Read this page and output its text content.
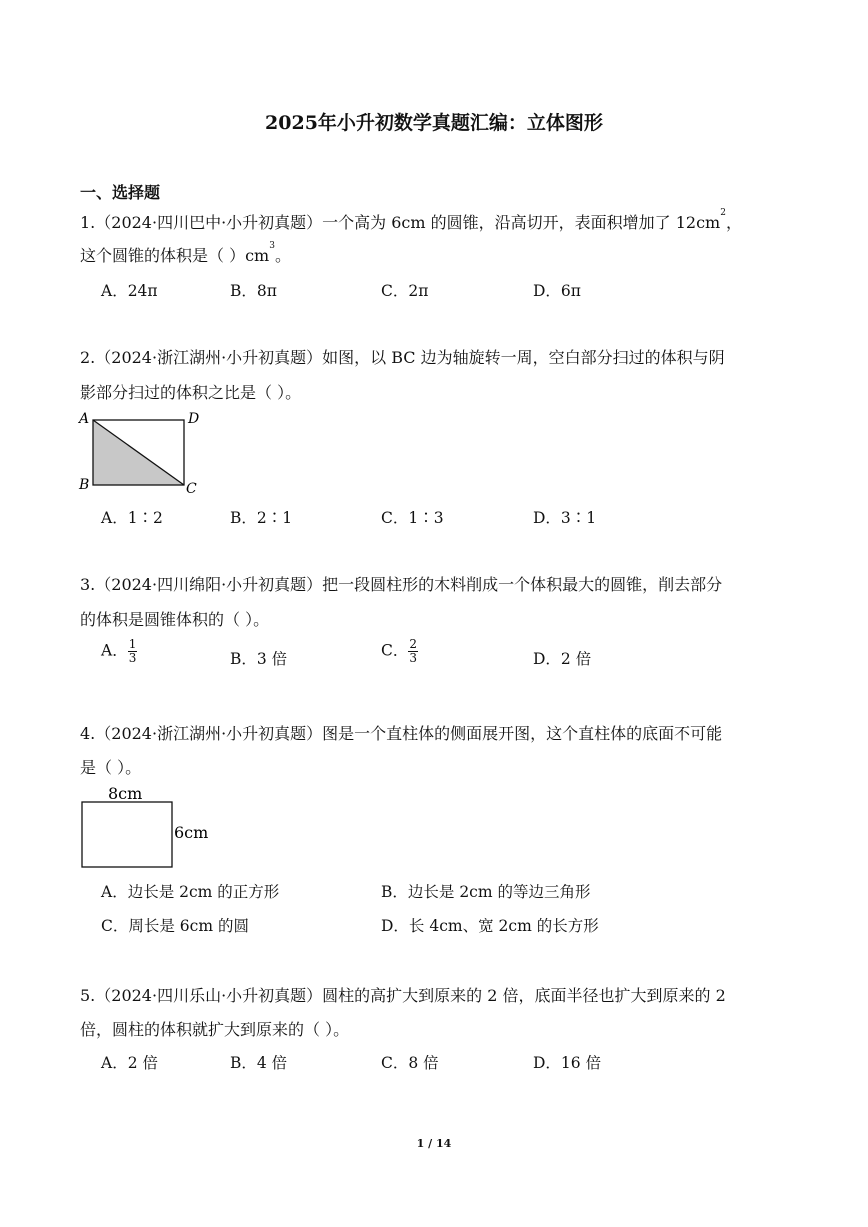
2025年小升初数学真题汇编：立体图形
一、选择题
1.（2024·四川巴中·小升初真题）一个高为 6cm 的圆锥，沿高切开，表面积增加了 $12cm^2$，
这个圆锥的体积是（ ）$cm^3$。
A．24π	B．8π	C．2π	D．6π
2.（2024·浙江湖州·小升初真题）如图，以 BC 边为轴旋转一周，空白部分扫过的体积与阴
影部分扫过的体积之比是（ ）。
A	D
B	C
A．1∶2	B．2∶1	C．1∶3	D．3∶1
3.（2024·四川绵阳·小升初真题）把一段圆柱形的木料削成一个体积最大的圆锥，削去部分
的体积是圆锥体积的（ ）。
A． $\frac{1}{3}$	B．3 倍	C． $\frac{2}{3}$	D．2 倍
4.（2024·浙江湖州·小升初真题）图是一个直柱体的侧面展开图，这个直柱体的底面不可能
是（ ）。
8cm
6cm
A．边长是 2cm 的正方形	B．边长是 2cm 的等边三角形
C．周长是 6cm 的圆	D．长 4cm、宽 2cm 的长方形
5.（2024·四川乐山·小升初真题）圆柱的高扩大到原来的 2 倍，底面半径也扩大到原来的 2
倍，圆柱的体积就扩大到原来的（ ）。
A．2 倍	B．4 倍	C．8 倍	D．16 倍
1 / 14
